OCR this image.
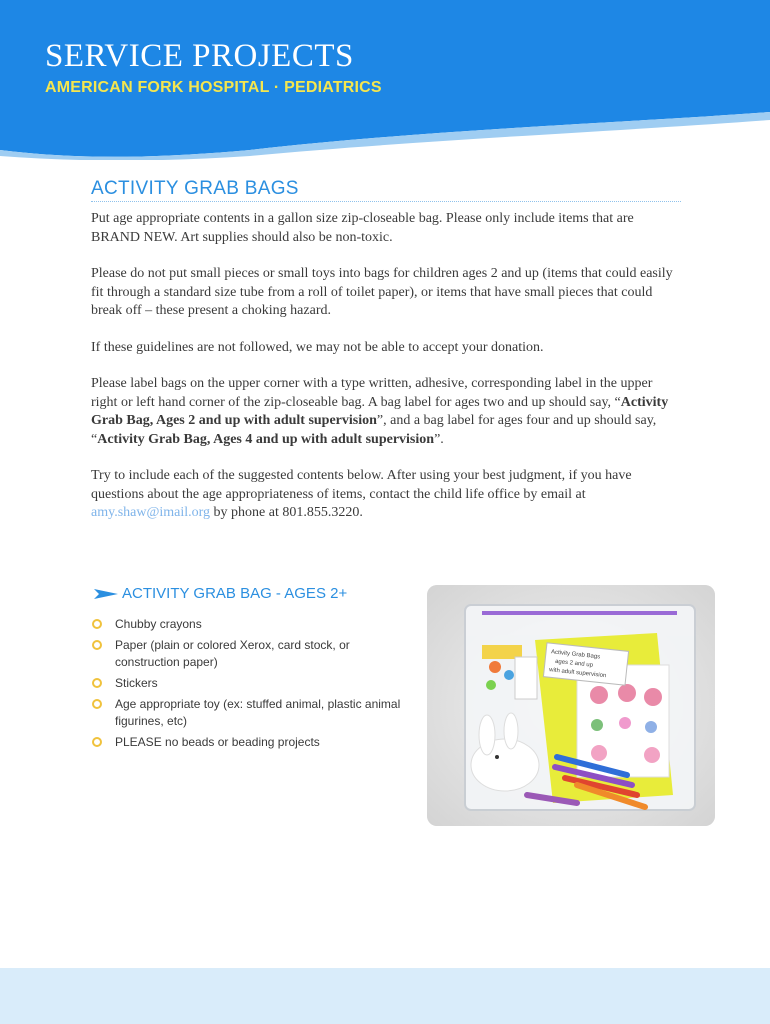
SERVICE PROJECTS
AMERICAN FORK HOSPITAL · PEDIATRICS
ACTIVITY GRAB BAGS

Put age appropriate contents in a gallon size zip-closeable bag. Please only include items that are BRAND NEW. Art supplies should also be non-toxic.

Please do not put small pieces or small toys into bags for children ages 2 and up (items that could easily fit through a standard size tube from a roll of toilet paper), or items that have small pieces that could break off – these present a choking hazard.

If these guidelines are not followed, we may not be able to accept your donation.

Please label bags on the upper corner with a type written, adhesive, corresponding label in the upper right or left hand corner of the zip-closeable bag. A bag label for ages two and up should say, “Activity Grab Bag, Ages 2 and up with adult supervision”, and a bag label for ages four and up should say, “Activity Grab Bag, Ages 4 and up with adult supervision”.

Try to include each of the suggested contents below. After using your best judgment, if you have questions about the age appropriateness of items, contact the child life office by email at amy.shaw@imail.org by phone at 801.855.3220.

ACTIVITY GRAB BAG - AGES 2+
Chubby crayons
Paper (plain or colored Xerox, card stock, or construction paper)
Stickers
Age appropriate toy (ex: stuffed animal, plastic animal figurines, etc)
PLEASE no beads or beading projects
Activity Grab Bags
ages 2 and up
with adult supervision
